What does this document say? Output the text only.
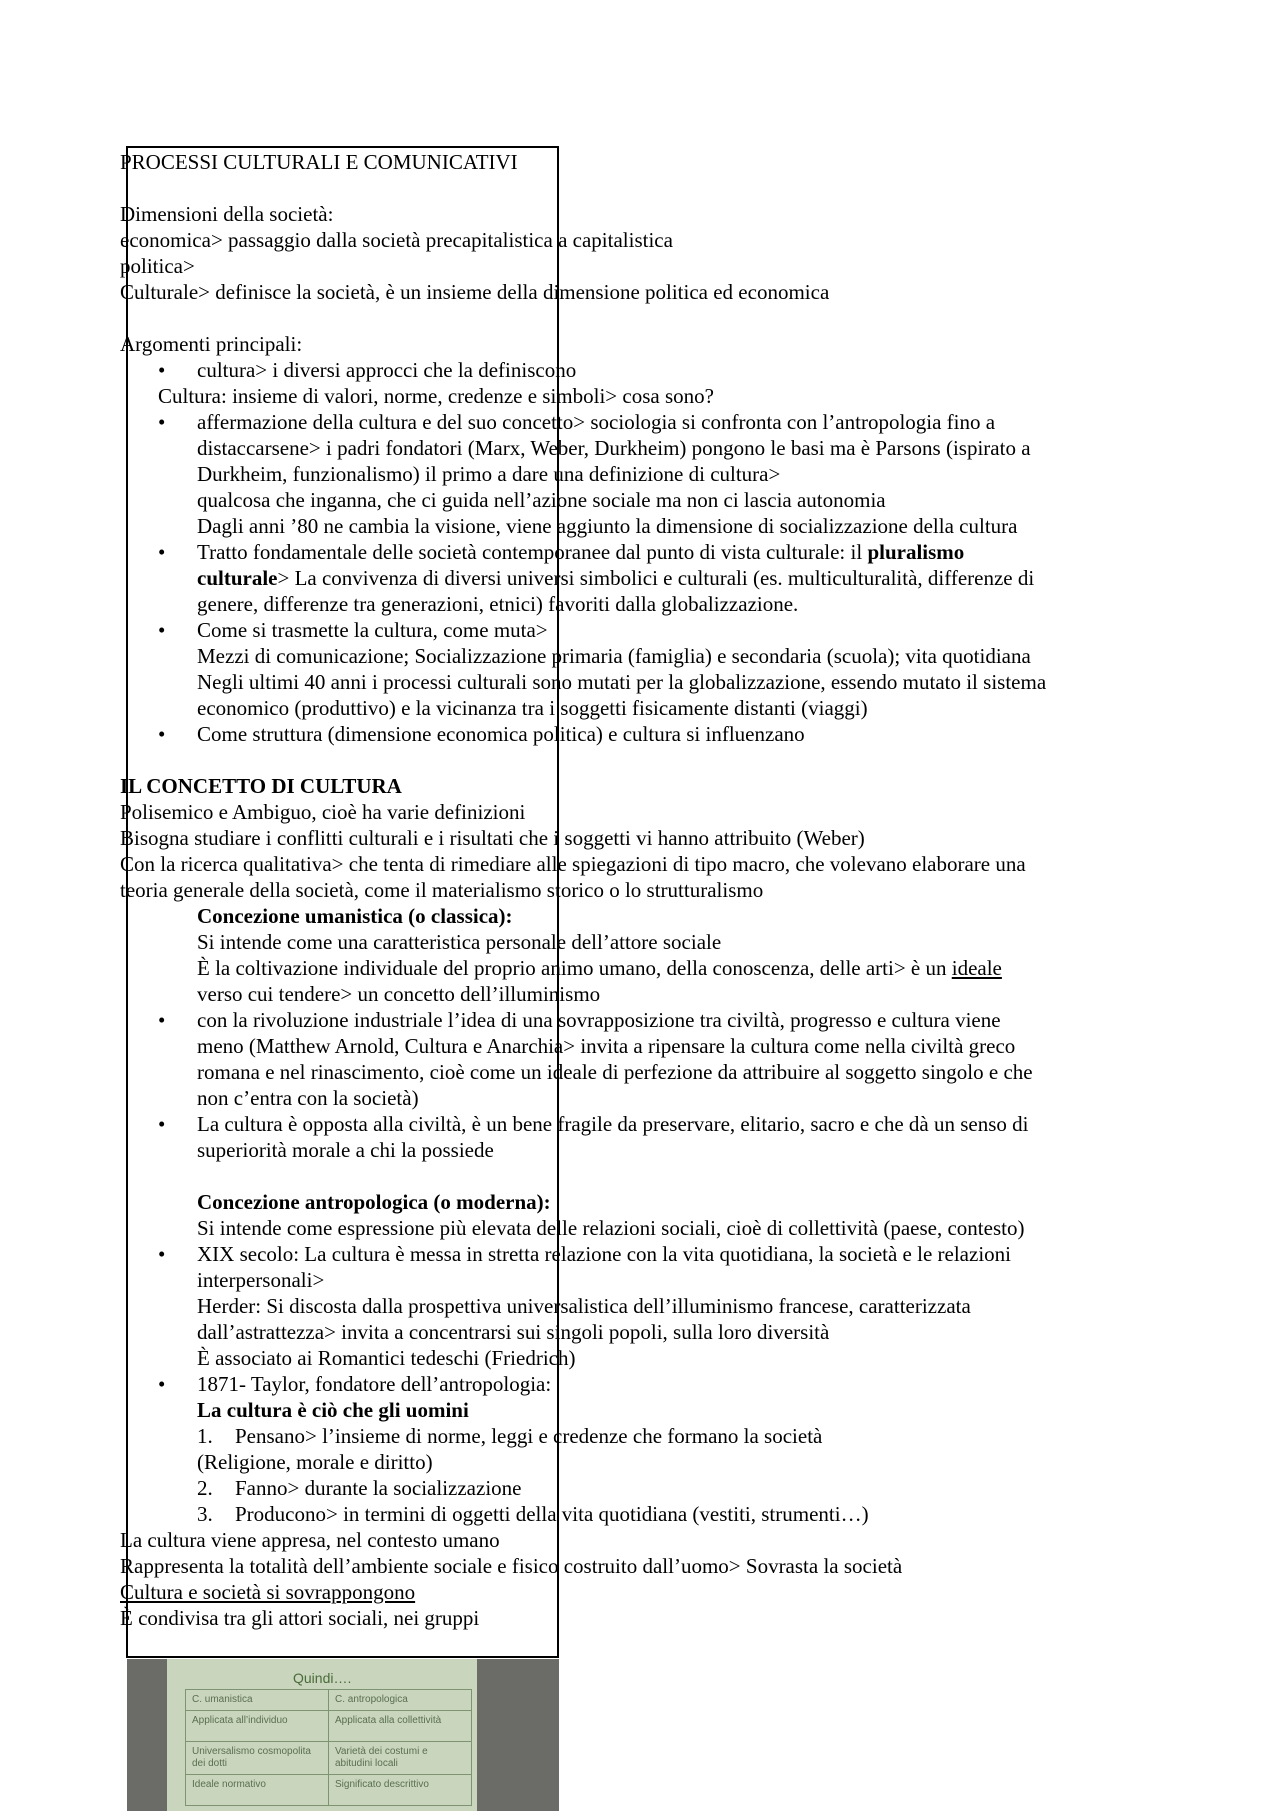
PROCESSI CULTURALI E COMUNICATIVI
Dimensioni della società:
economica> passaggio dalla società precapitalistica a capitalistica
politica>
Culturale> definisce la società, è un insieme della dimensione politica ed economica
Argomenti principali:
• cultura> i diversi approcci che la definiscono
Cultura: insieme di valori, norme, credenze e simboli> cosa sono?
• affermazione della cultura e del suo concetto> sociologia si confronta con l’antropologia fino a
distaccarsene> i padri fondatori (Marx, Weber, Durkheim) pongono le basi ma è Parsons (ispirato a
Durkheim, funzionalismo) il primo a dare una definizione di cultura>
qualcosa che inganna, che ci guida nell’azione sociale ma non ci lascia autonomia
Dagli anni ’80 ne cambia la visione, viene aggiunto la dimensione di socializzazione della cultura
• Tratto fondamentale delle società contemporanee dal punto di vista culturale: il pluralismo
culturale> La convivenza di diversi universi simbolici e culturali (es. multiculturalità, differenze di
genere, differenze tra generazioni, etnici) favoriti dalla globalizzazione.
• Come si trasmette la cultura, come muta>
Mezzi di comunicazione; Socializzazione primaria (famiglia) e secondaria (scuola); vita quotidiana
Negli ultimi 40 anni i processi culturali sono mutati per la globalizzazione, essendo mutato il sistema
economico (produttivo) e la vicinanza tra i soggetti fisicamente distanti (viaggi)
• Come struttura (dimensione economica politica) e cultura si influenzano
IL CONCETTO DI CULTURA
Polisemico e Ambiguo, cioè ha varie definizioni
Bisogna studiare i conflitti culturali e i risultati che i soggetti vi hanno attribuito (Weber)
Con la ricerca qualitativa> che tenta di rimediare alle spiegazioni di tipo macro, che volevano elaborare una
teoria generale della società, come il materialismo storico o lo strutturalismo
Concezione umanistica (o classica):
Si intende come una caratteristica personale dell’attore sociale
È la coltivazione individuale del proprio animo umano, della conoscenza, delle arti> è un ideale
verso cui tendere> un concetto dell’illuminismo
• con la rivoluzione industriale l’idea di una sovrapposizione tra civiltà, progresso e cultura viene
meno (Matthew Arnold, Cultura e Anarchia> invita a ripensare la cultura come nella civiltà greco
romana e nel rinascimento, cioè come un ideale di perfezione da attribuire al soggetto singolo e che
non c’entra con la società)
• La cultura è opposta alla civiltà, è un bene fragile da preservare, elitario, sacro e che dà un senso di
superiorità morale a chi la possiede
Concezione antropologica (o moderna):
Si intende come espressione più elevata delle relazioni sociali, cioè di collettività (paese, contesto)
• XIX secolo: La cultura è messa in stretta relazione con la vita quotidiana, la società e le relazioni
interpersonali>
Herder: Si discosta dalla prospettiva universalistica dell’illuminismo francese, caratterizzata
dall’astrattezza> invita a concentrarsi sui singoli popoli, sulla loro diversità
È associato ai Romantici tedeschi (Friedrich)
• 1871- Taylor, fondatore dell’antropologia:
La cultura è ciò che gli uomini
1. Pensano> l’insieme di norme, leggi e credenze che formano la società
(Religione, morale e diritto)
2. Fanno> durante la socializzazione
3. Producono> in termini di oggetti della vita quotidiana (vestiti, strumenti…)
La cultura viene appresa, nel contesto umano
Rappresenta la totalità dell’ambiente sociale e fisico costruito dall’uomo> Sovrasta la società
Cultura e società si sovrappongono
È condivisa tra gli attori sociali, nei gruppi
Quindi….
C. umanistica	C. antropologica
Applicata all’individuo	Applicata alla collettività
Universalismo cosmopolita dei dotti	Varietà dei costumi e abitudini locali
Ideale normativo	Significato descrittivo
